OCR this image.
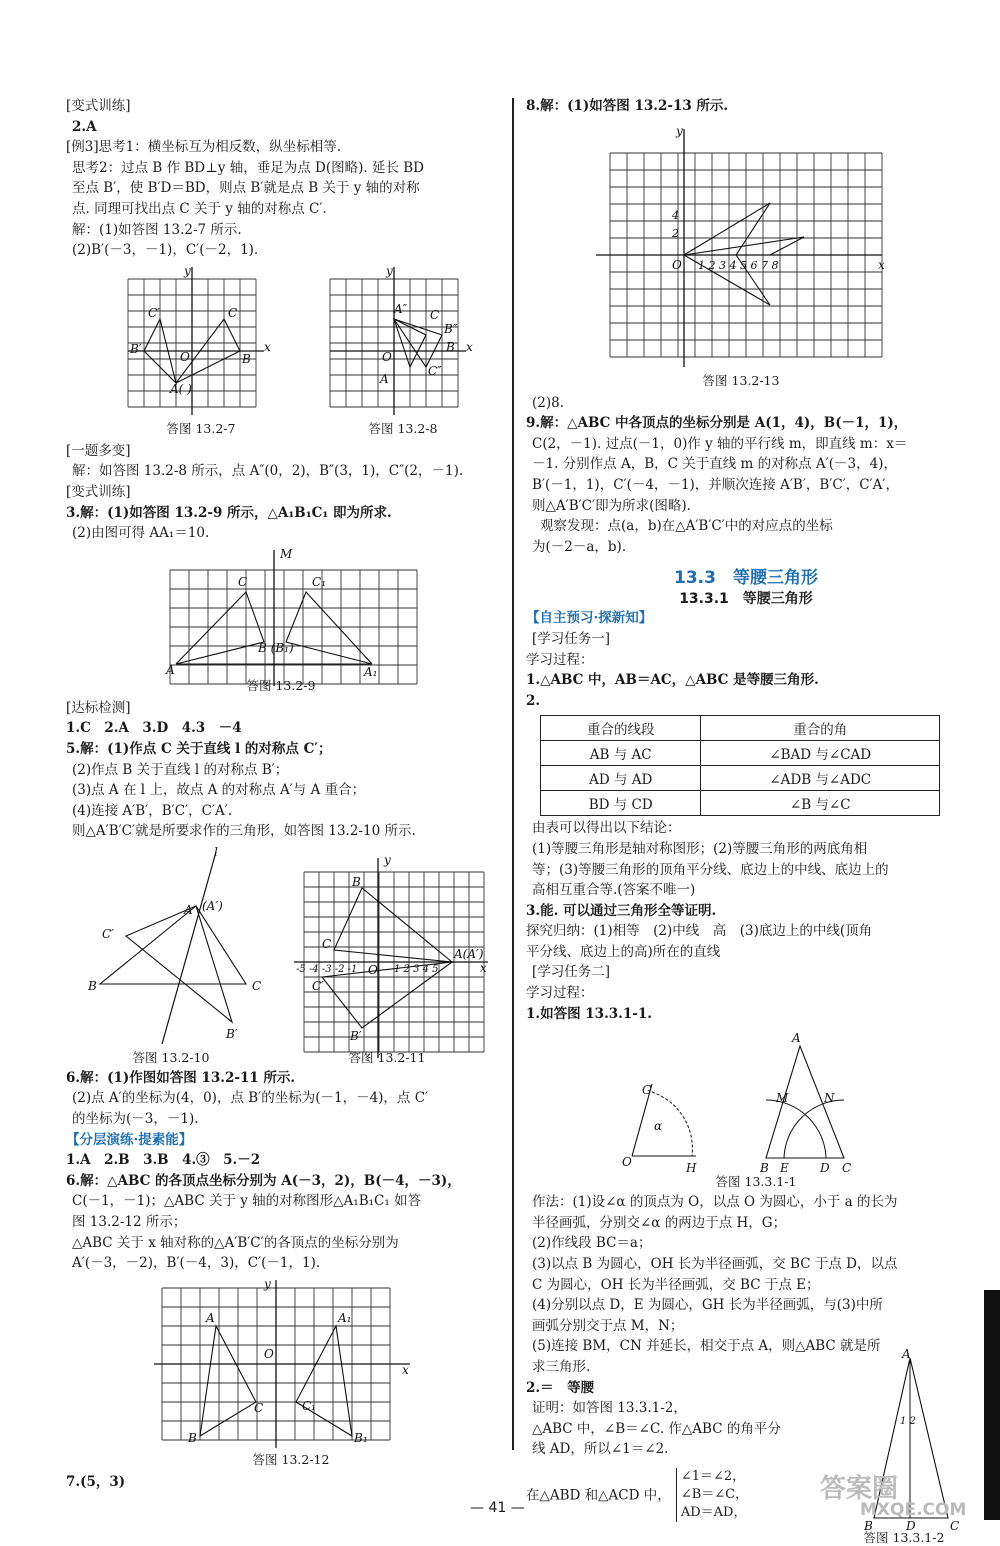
[变式训练]

2.A

[例3]思考1：横坐标互为相反数，纵坐标相等.

思考2：过点 B 作 BD⊥y 轴，垂足为点 D(图略). 延长 BD

至点 B′，使 B′D＝BD，则点 B′就是点 B 关于 y 轴的对称

点. 同理可找出点 C 关于 y 轴的对称点 C′.

解：(1)如答图 13.2-7 所示.

(2)B′(－3，－1)，C′(－2，1).

y
x
O
C′	C
B′
B
A( )
y
x
O
A″
B″
C″
C
B
A
答图 13.2-7	答图 13.2-8

[一题多变]

解：如答图 13.2-8 所示，点 A″(0，2)，B″(3，1)，C″(2，－1).

[变式训练]

3.解：(1)如答图 13.2-9 所示，△A₁B₁C₁ 即为所求.

(2)由图可得 AA₁＝10.

M
A
C	C₁
B (B₁)
A₁
答图 13.2-9

[达标检测]

1.C　2.A　3.D　4.3　－4

5.解：(1)作点 C 关于直线 l 的对称点 C′；

(2)作点 B 关于直线 l 的对称点 B′；

(3)点 A 在 l 上，故点 A 的对称点 A′与 A 重合；

(4)连接 A′B′，B′C′，C′A′.

则△A′B′C′就是所要求作的三角形，如答图 13.2-10 所示.

l
A (A′)
C′
B	C
B′
y
x
O
B
C
A(A′)
C′
B′
-5 -4 -3 -2 -1	1 2 3 4 5
答图 13.2-10	答图 13.2-11

6.解：(1)作图如答图 13.2-11 所示.

(2)点 A′的坐标为(4，0)，点 B′的坐标为(－1，－4)，点 C′

的坐标为(－3，－1).

【分层演练·提素能】

1.A　2.B　3.B　4.③　5.－2

6.解：△ABC 的各顶点坐标分别为 A(－3，2)，B(－4，－3)，

C(－1，－1)；△ABC 关于 y 轴的对称图形△A₁B₁C₁ 如答

图 13.2-12 所示；

△ABC 关于 x 轴对称的△A′B′C′的各顶点的坐标分别为

A′(－3，－2)，B′(－4，3)，C′(－1，1).

y
x
O
A	A₁
B	B₁
C	C₁
答图 13.2-12

7.(5，3)

8.解：(1)如答图 13.2-13 所示.

y
x
O 1 2 3 4 5 6 7 8
4
2
答图 13.2-13

(2)8.

9.解：△ABC 中各顶点的坐标分别是 A(1，4)，B(－1，1)，

C(2，－1). 过点(－1，0)作 y 轴的平行线 m，即直线 m：x＝

－1. 分别作点 A，B，C 关于直线 m 的对称点 A′(－3，4)，

B′(－1，1)，C′(－4，－1)，并顺次连接 A′B′，B′C′，C′A′，

则△A′B′C′即为所求(图略).

观察发现：点(a，b)在△A′B′C′中的对应点的坐标

为(－2－a，b).

13.3　等腰三角形
13.3.1　等腰三角形

【自主预习·探新知】

[学习任务一]

学习过程：

1.△ABC 中，AB＝AC，△ABC 是等腰三角形.

2.

重合的线段	重合的角
AB 与 AC	∠BAD 与∠CAD
AD 与 AD	∠ADB 与∠ADC
BD 与 CD	∠B 与∠C

由表可以得出以下结论：

(1)等腰三角形是轴对称图形；(2)等腰三角形的两底角相

等；(3)等腰三角形的顶角平分线、底边上的中线、底边上的

高相互重合等.(答案不唯一)

3.能. 可以通过三角形全等证明.

探究归纳：(1)相等　(2)中线　高　(3)底边上的中线(顶角

平分线、底边上的高)所在的直线

[学习任务二]

学习过程：

1.如答图 13.3.1-1.

O
G
H
α
A
M	N
B E	D C
答图 13.3.1-1

作法：(1)设∠α 的顶点为 O，以点 O 为圆心，小于 a 的长为

半径画弧，分别交∠α 的两边于点 H，G；

(2)作线段 BC＝a；

(3)以点 B 为圆心，OH 长为半径画弧，交 BC 于点 D，以点

C 为圆心，OH 长为半径画弧，交 BC 于点 E；

(4)分别以点 D，E 为圆心，GH 长为半径画弧，与(3)中所

画弧分别交于点 M，N；

(5)连接 BM，CN 并延长，相交于点 A，则△ABC 就是所

求三角形.

2.＝　等腰

证明：如答图 13.3.1-2，

△ABC 中，∠B＝∠C. 作△ABC 的角平分

线 AD，所以∠1＝∠2.

在△ABD 和△ACD 中，
∠1＝∠2，
∠B＝∠C，
AD＝AD，
A
1 2
B	D	C
答图 13.3.1-2
— 41 —
答案圈
MXQE.COM
